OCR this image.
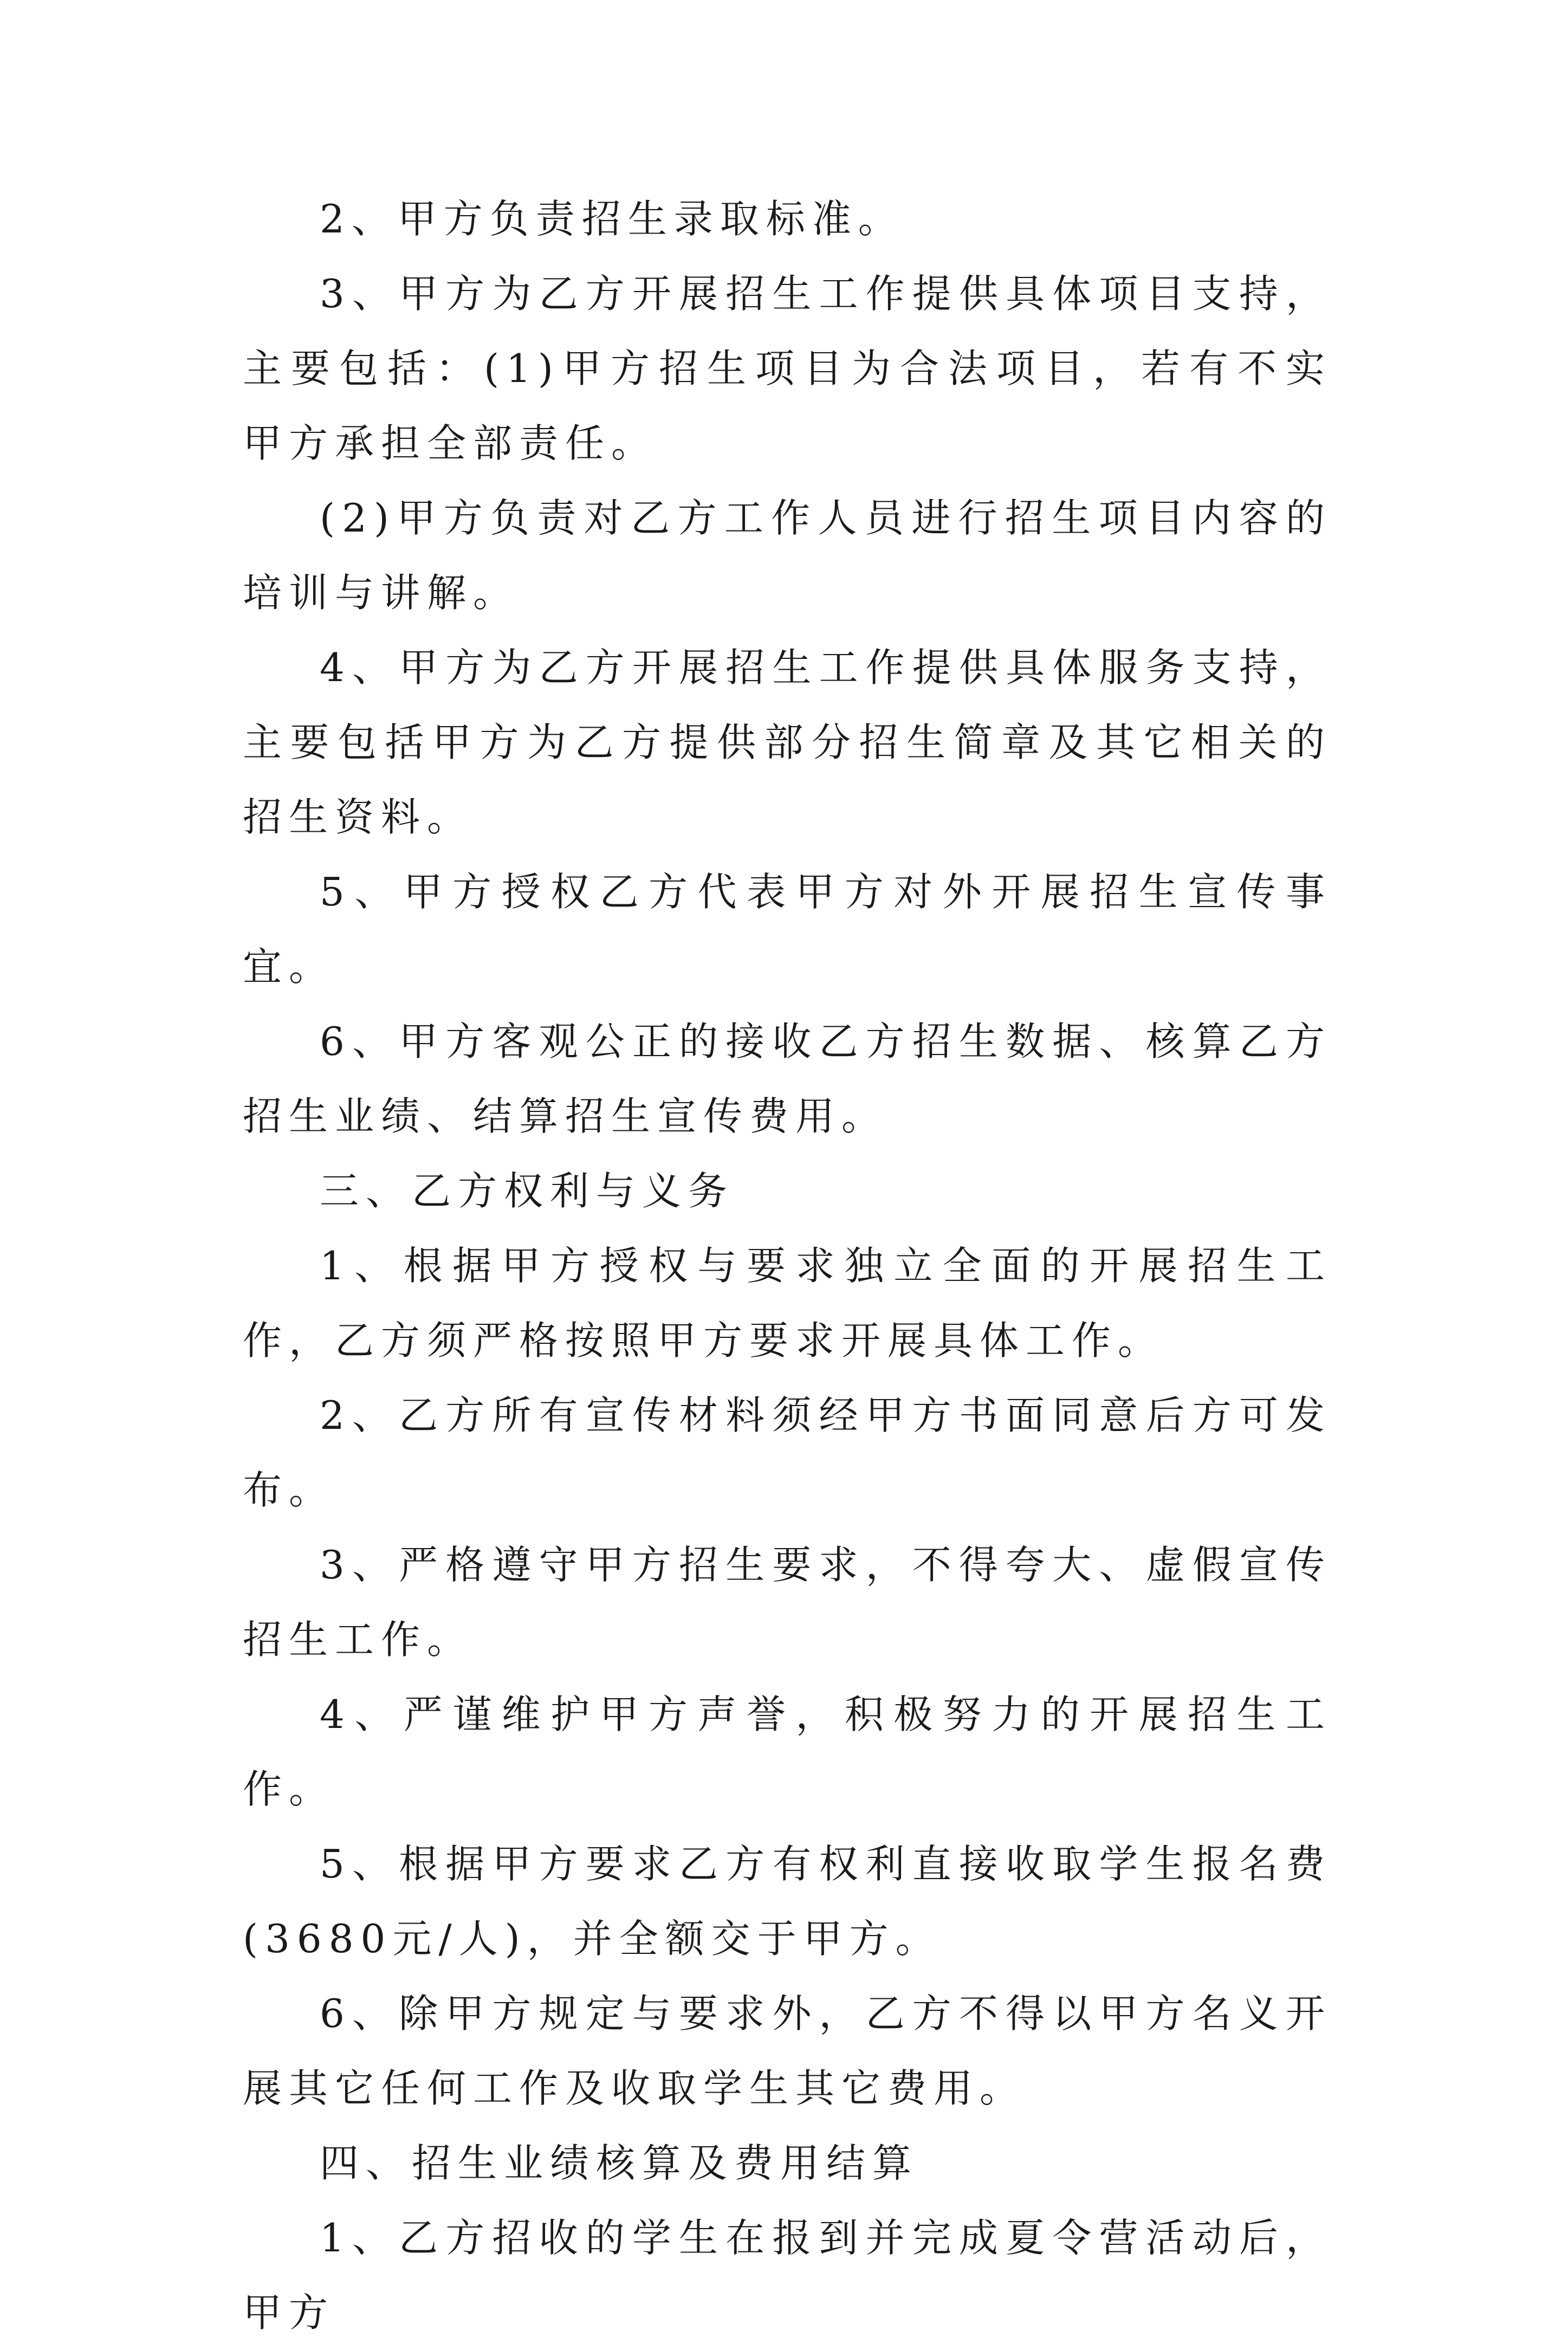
2、甲方负责招生录取标准。

3、甲方为乙方开展招生工作提供具体项目支持，主要包括：(1)甲方招生项目为合法项目，若有不实甲方承担全部责任。

(2)甲方负责对乙方工作人员进行招生项目内容的培训与讲解。

4、甲方为乙方开展招生工作提供具体服务支持，主要包括甲方为乙方提供部分招生简章及其它相关的招生资料。

5、甲方授权乙方代表甲方对外开展招生宣传事宜。

6、甲方客观公正的接收乙方招生数据、核算乙方招生业绩、结算招生宣传费用。

三、乙方权利与义务

1、根据甲方授权与要求独立全面的开展招生工作，乙方须严格按照甲方要求开展具体工作。

2、乙方所有宣传材料须经甲方书面同意后方可发布。

3、严格遵守甲方招生要求，不得夸大、虚假宣传招生工作。

4、严谨维护甲方声誉，积极努力的开展招生工作。

5、根据甲方要求乙方有权利直接收取学生报名费(3680元/人)，并全额交于甲方。

6、除甲方规定与要求外，乙方不得以甲方名义开展其它任何工作及收取学生其它费用。

四、招生业绩核算及费用结算

1、乙方招收的学生在报到并完成夏令营活动后，甲方
